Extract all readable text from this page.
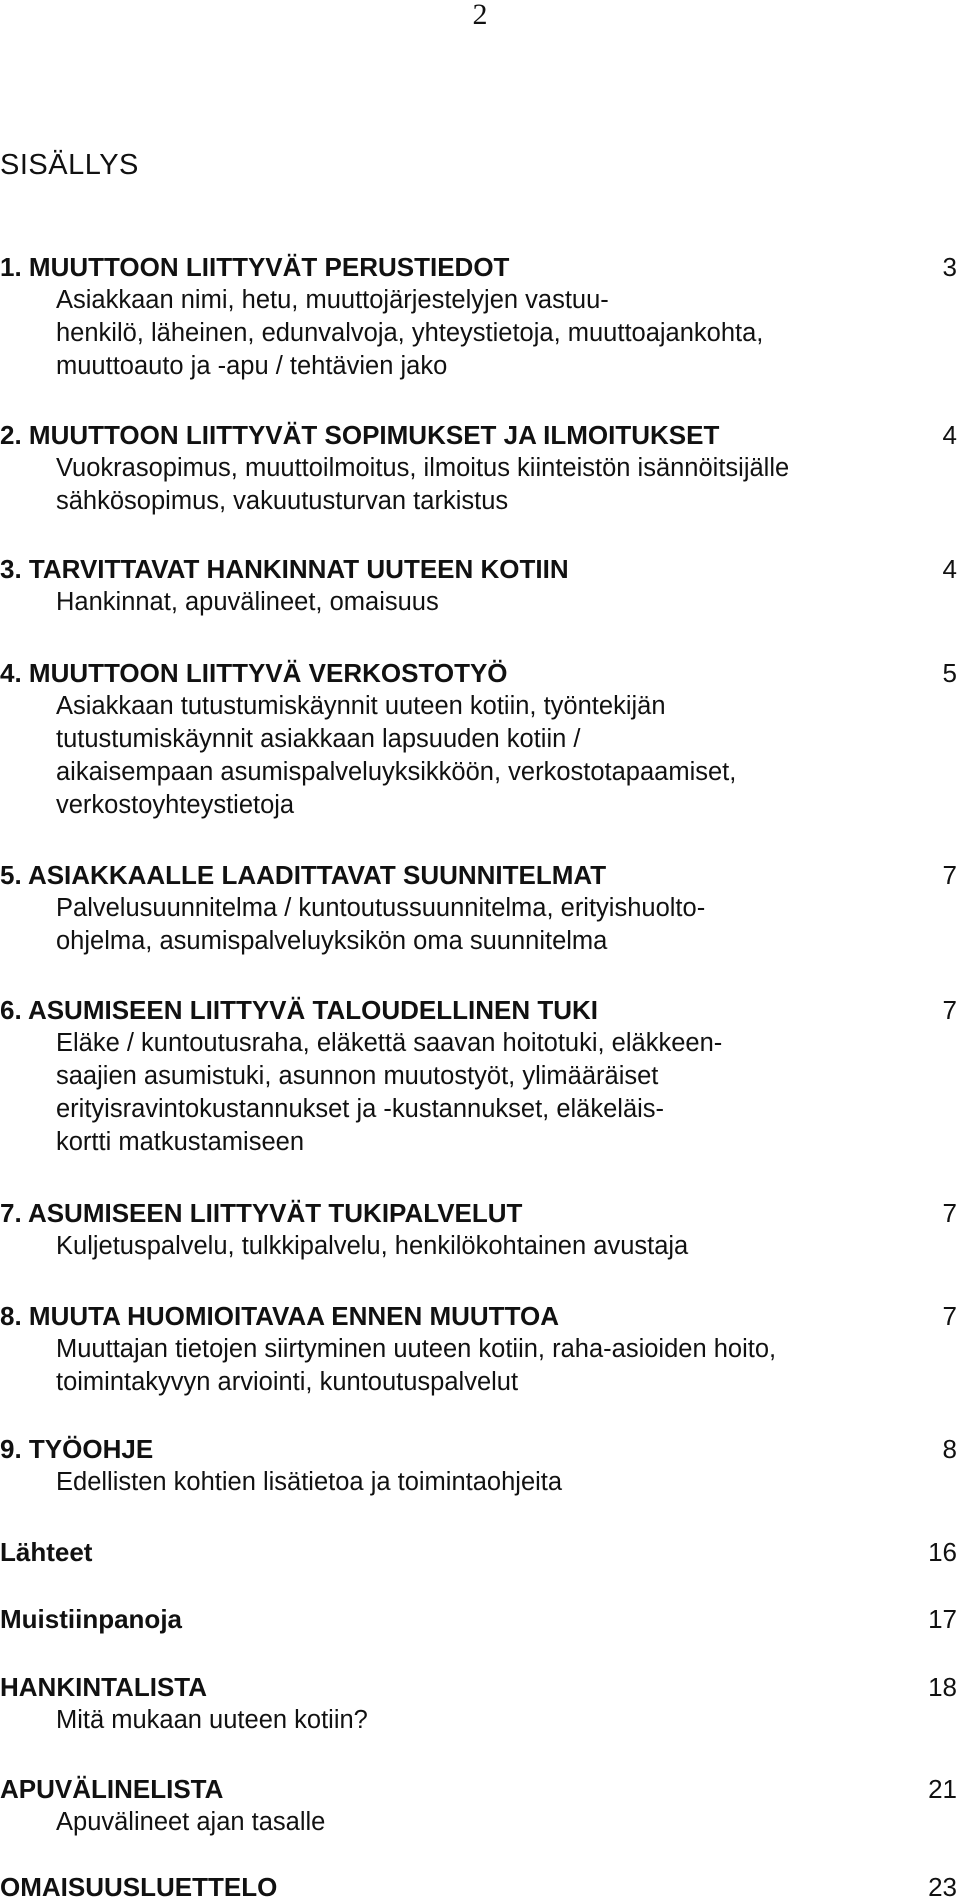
2
SISÄLLYS
1. MUUTTOON LIITTYVÄT PERUSTIEDOT	3
Asiakkaan nimi, hetu, muuttojärjestelyjen vastuu-
henkilö, läheinen, edunvalvoja, yhteystietoja, muuttoajankohta,
muuttoauto ja -apu / tehtävien jako
2. MUUTTOON LIITTYVÄT SOPIMUKSET JA ILMOITUKSET	4
Vuokrasopimus, muuttoilmoitus, ilmoitus kiinteistön isännöitsijälle
sähkösopimus, vakuutusturvan tarkistus
3. TARVITTAVAT HANKINNAT UUTEEN KOTIIN	4
Hankinnat, apuvälineet, omaisuus
4. MUUTTOON LIITTYVÄ VERKOSTOTYÖ	5
Asiakkaan tutustumiskäynnit uuteen kotiin, työntekijän
tutustumiskäynnit asiakkaan lapsuuden kotiin /
aikaisempaan asumispalveluyksikköön, verkostotapaamiset,
verkostoyhteystietoja
5. ASIAKKAALLE LAADITTAVAT SUUNNITELMAT	7
Palvelusuunnitelma / kuntoutussuunnitelma, erityishuolto-
ohjelma, asumispalveluyksikön oma suunnitelma
6. ASUMISEEN LIITTYVÄ TALOUDELLINEN TUKI	7
Eläke / kuntoutusraha, eläkettä saavan hoitotuki, eläkkeen-
saajien asumistuki, asunnon muutostyöt, ylimääräiset
erityisravintokustannukset ja -kustannukset, eläkeläis-
kortti matkustamiseen
7. ASUMISEEN LIITTYVÄT TUKIPALVELUT	7
Kuljetuspalvelu, tulkkipalvelu, henkilökohtainen avustaja
8. MUUTA HUOMIOITAVAA ENNEN MUUTTOA	7
Muuttajan tietojen siirtyminen uuteen kotiin, raha-asioiden hoito,
toimintakyvyn arviointi, kuntoutuspalvelut
9. TYÖOHJE	8
Edellisten kohtien lisätietoa ja toimintaohjeita
Lähteet	16
Muistiinpanoja	17
HANKINTALISTA	18
Mitä mukaan uuteen kotiin?
APUVÄLINELISTA	21
Apuvälineet ajan tasalle
OMAISUUSLUETTELO	23
